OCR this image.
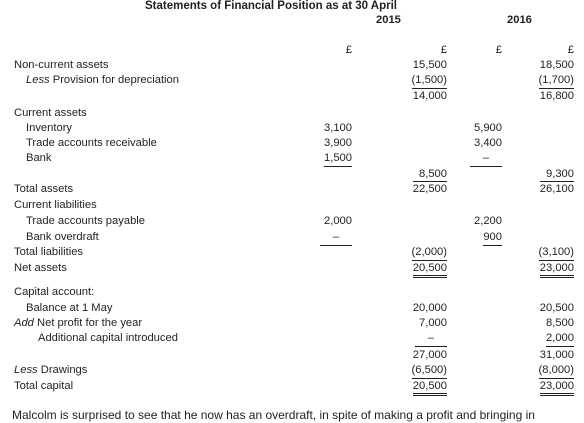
Statements of Financial Position as at 30 April
2015	2016
£	£	£	£
Non-current assets	15,500	18,500
Less Provision for depreciation	(1,500)	(1,700)
14,000	16,800
Current assets
Inventory	3,100	5,900
Trade accounts receivable	3,900	3,400
Bank	1,500	–
8,500	9,300
Total assets	22,500	26,100
Current liabilities
Trade accounts payable	2,000	2,200
Bank overdraft	–	900
Total liabilities	(2,000)	(3,100)
Net assets	20,500	23,000
Capital account:
Balance at 1 May	20,000	20,500
Add Net profit for the year	7,000	8,500
Additional capital introduced	–	2,000
27,000	31,000
Less Drawings	(6,500)	(8,000)
Total capital	20,500	23,000
Malcolm is surprised to see that he now has an overdraft, in spite of making a profit and bringing in
